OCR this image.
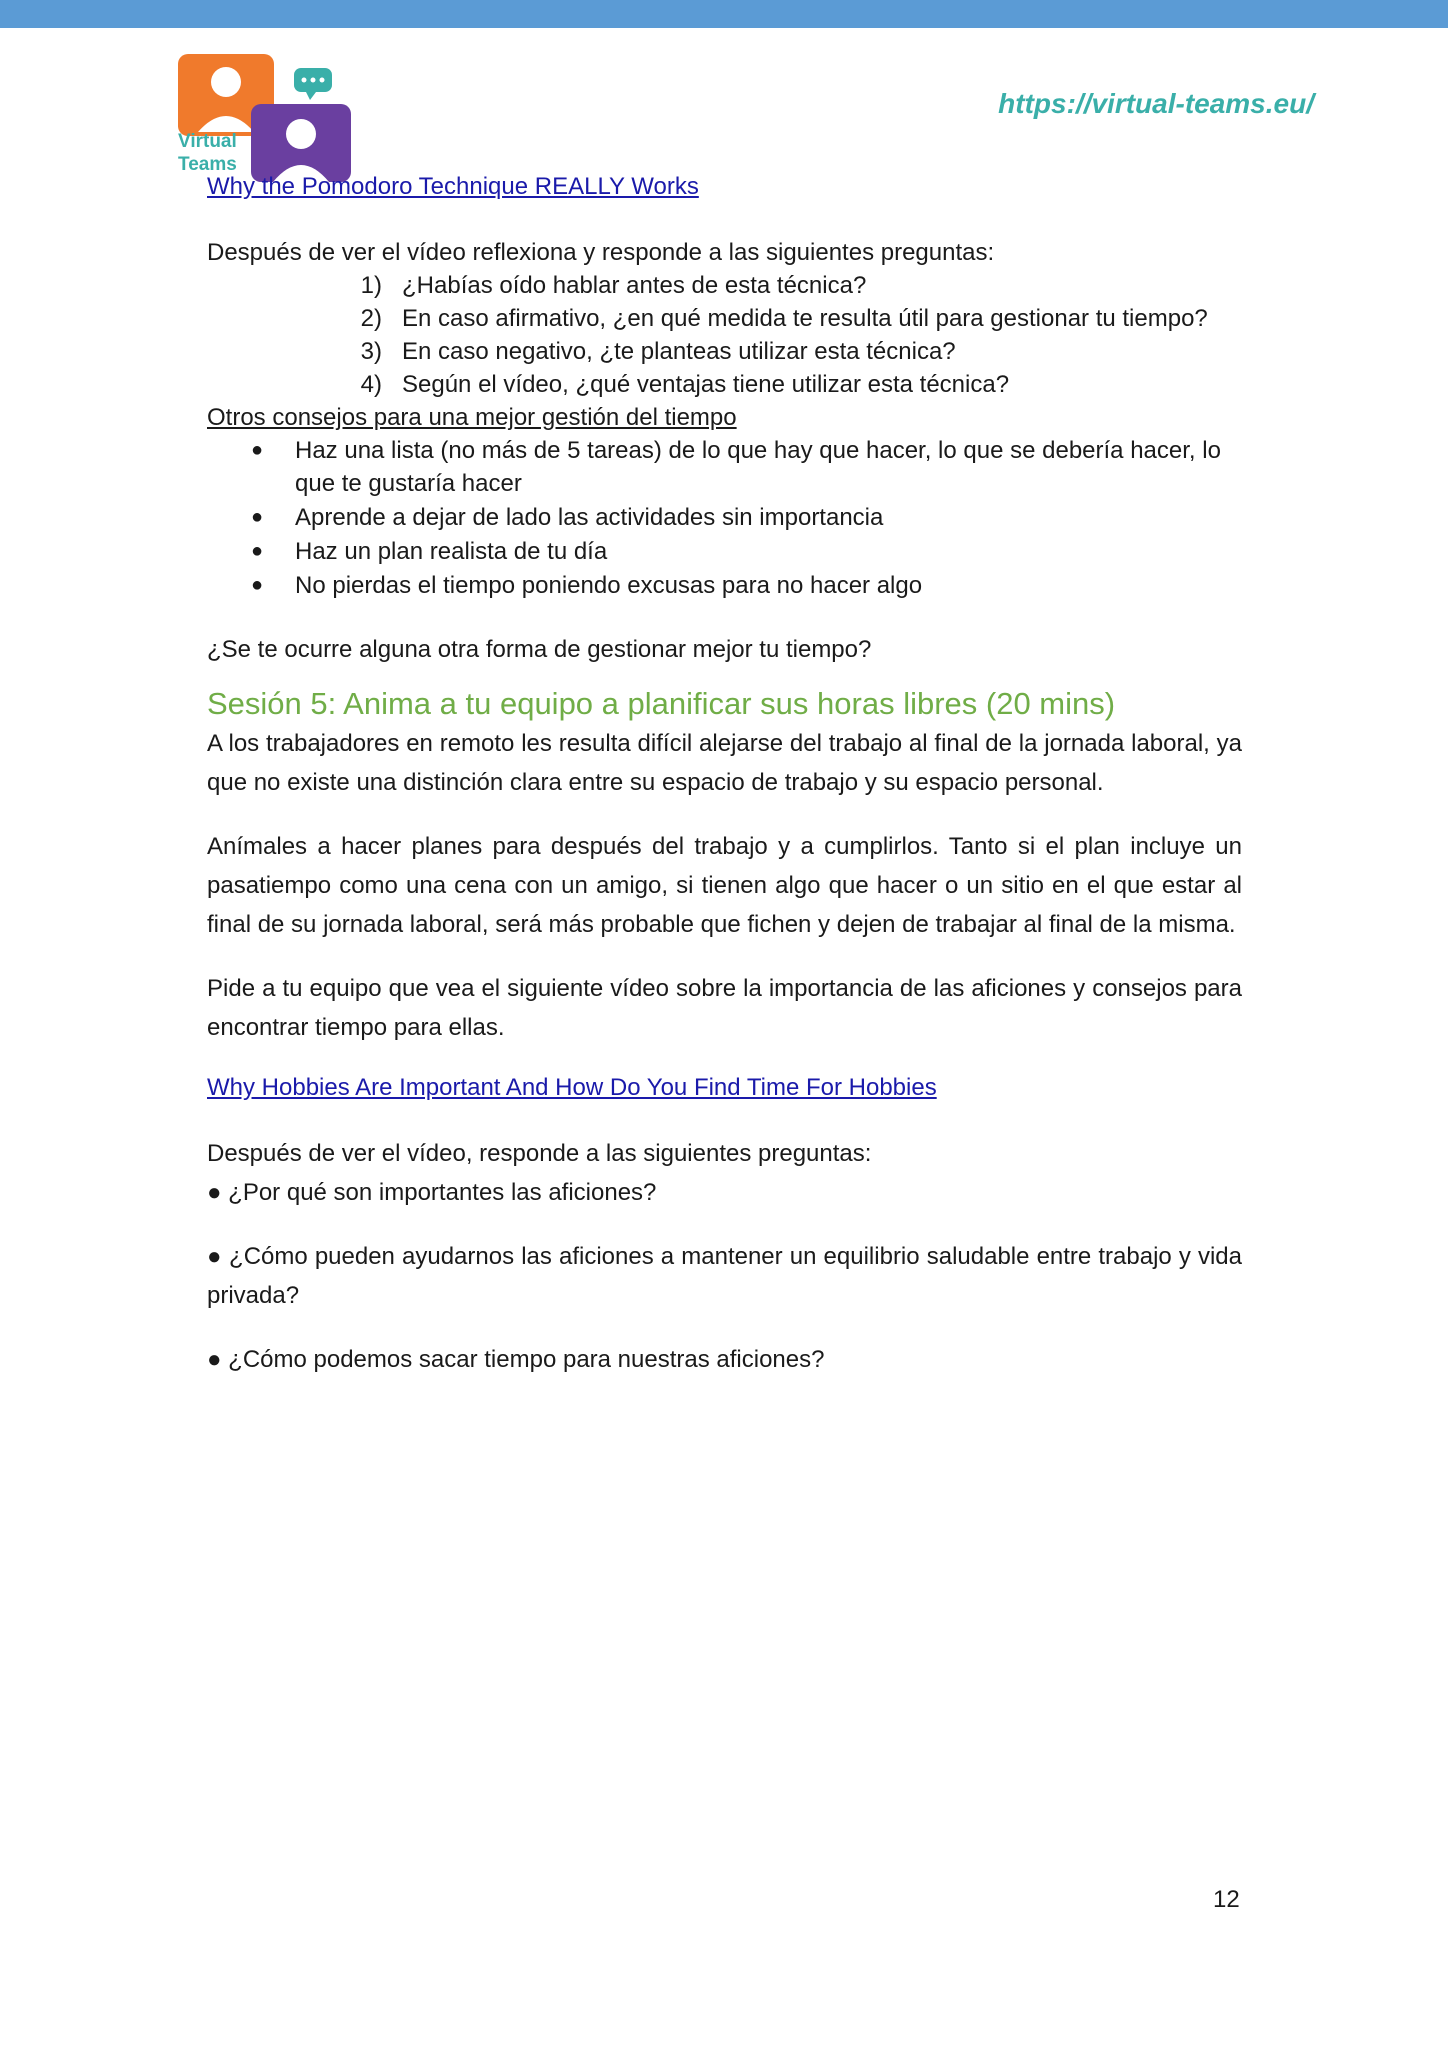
Virtual
Teams
https://virtual-teams.eu/

Why the Pomodoro Technique REALLY Works

Después de ver el vídeo reflexiona y responde a las siguientes preguntas:

1) ¿Habías oído hablar antes de esta técnica?
2) En caso afirmativo, ¿en qué medida te resulta útil para gestionar tu tiempo?
3) En caso negativo, ¿te planteas utilizar esta técnica?
4) Según el vídeo, ¿qué ventajas tiene utilizar esta técnica?

Otros consejos para una mejor gestión del tiempo

●	Haz una lista (no más de 5 tareas) de lo que hay que hacer, lo que se debería hacer, lo que te gustaría hacer
●	Aprende a dejar de lado las actividades sin importancia
●	Haz un plan realista de tu día
●	No pierdas el tiempo poniendo excusas para no hacer algo

¿Se te ocurre alguna otra forma de gestionar mejor tu tiempo?

Sesión 5: Anima a tu equipo a planificar sus horas libres (20 mins)

A los trabajadores en remoto les resulta difícil alejarse del trabajo al final de la jornada laboral, ya que no existe una distinción clara entre su espacio de trabajo y su espacio personal.

Anímales a hacer planes para después del trabajo y a cumplirlos. Tanto si el plan incluye un pasatiempo como una cena con un amigo, si tienen algo que hacer o un sitio en el que estar al final de su jornada laboral, será más probable que fichen y dejen de trabajar al final de la misma.

Pide a tu equipo que vea el siguiente vídeo sobre la importancia de las aficiones y consejos para encontrar tiempo para ellas.

Why Hobbies Are Important And How Do You Find Time For Hobbies

Después de ver el vídeo, responde a las siguientes preguntas:

● ¿Por qué son importantes las aficiones?

● ¿Cómo pueden ayudarnos las aficiones a mantener un equilibrio saludable entre trabajo y vida privada?

● ¿Cómo podemos sacar tiempo para nuestras aficiones?

12
